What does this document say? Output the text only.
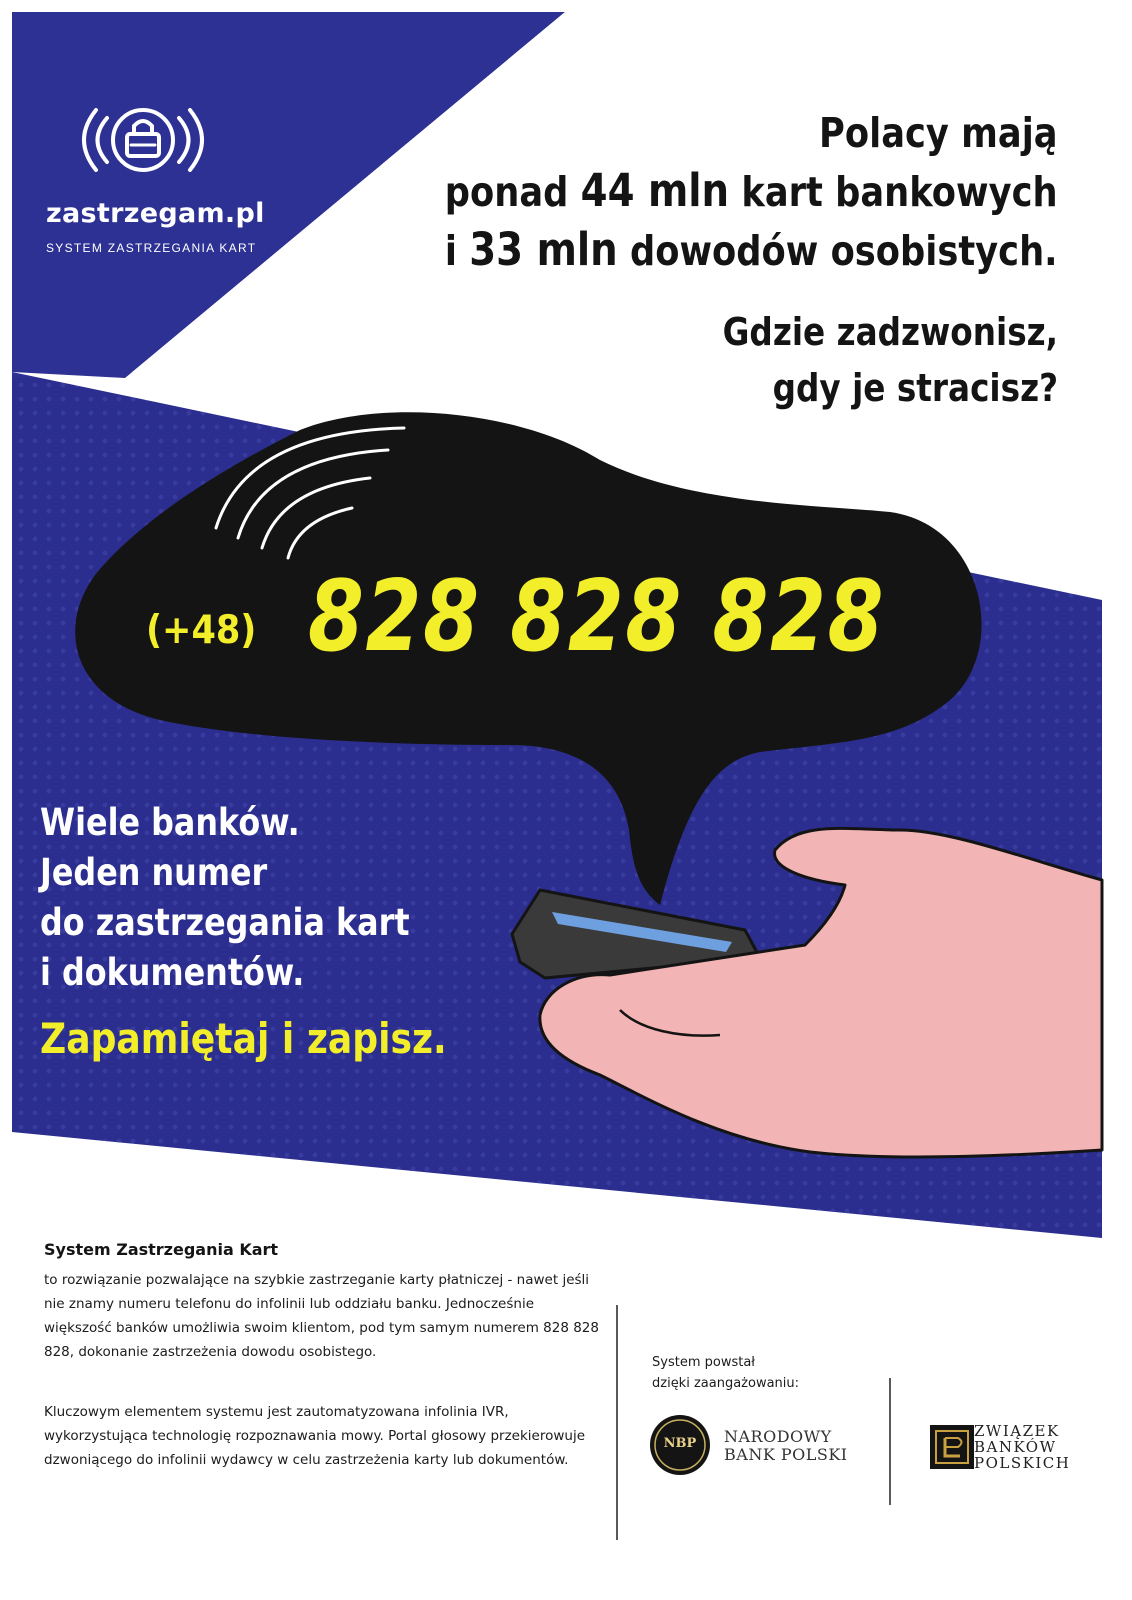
zastrzegam.pl
SYSTEM ZASTRZEGANIA KART
Polacy mają
ponad 44 mln kart bankowych
i 33 mln dowodów osobistych.
Gdzie zadzwonisz,
gdy je stracisz?
(+48) 828 828 828
Wiele banków.
Jeden numer
do zastrzegania kart
i dokumentów.
Zapamiętaj i zapisz.
System Zastrzegania Kart

to rozwiązanie pozwalające na szybkie zastrzeganie karty płatniczej - nawet jeśli nie znamy numeru telefonu do infolinii lub oddziału banku. Jednocześnie większość banków umożliwia swoim klientom, pod tym samym numerem 828 828 828, dokonanie zastrzeżenia dowodu osobistego.

Kluczowym elementem systemu jest zautomatyzowana infolinia IVR, wykorzystująca technologię rozpoznawania mowy. Portal głosowy przekierowuje dzwoniącego do infolinii wydawcy w celu zastrzeżenia karty lub dokumentów.

System powstał
dzięki zaangażowaniu:
NBP NARODOWY
BANK POLSKI
ZWIĄZEK
BANKÓW
POLSKICH
